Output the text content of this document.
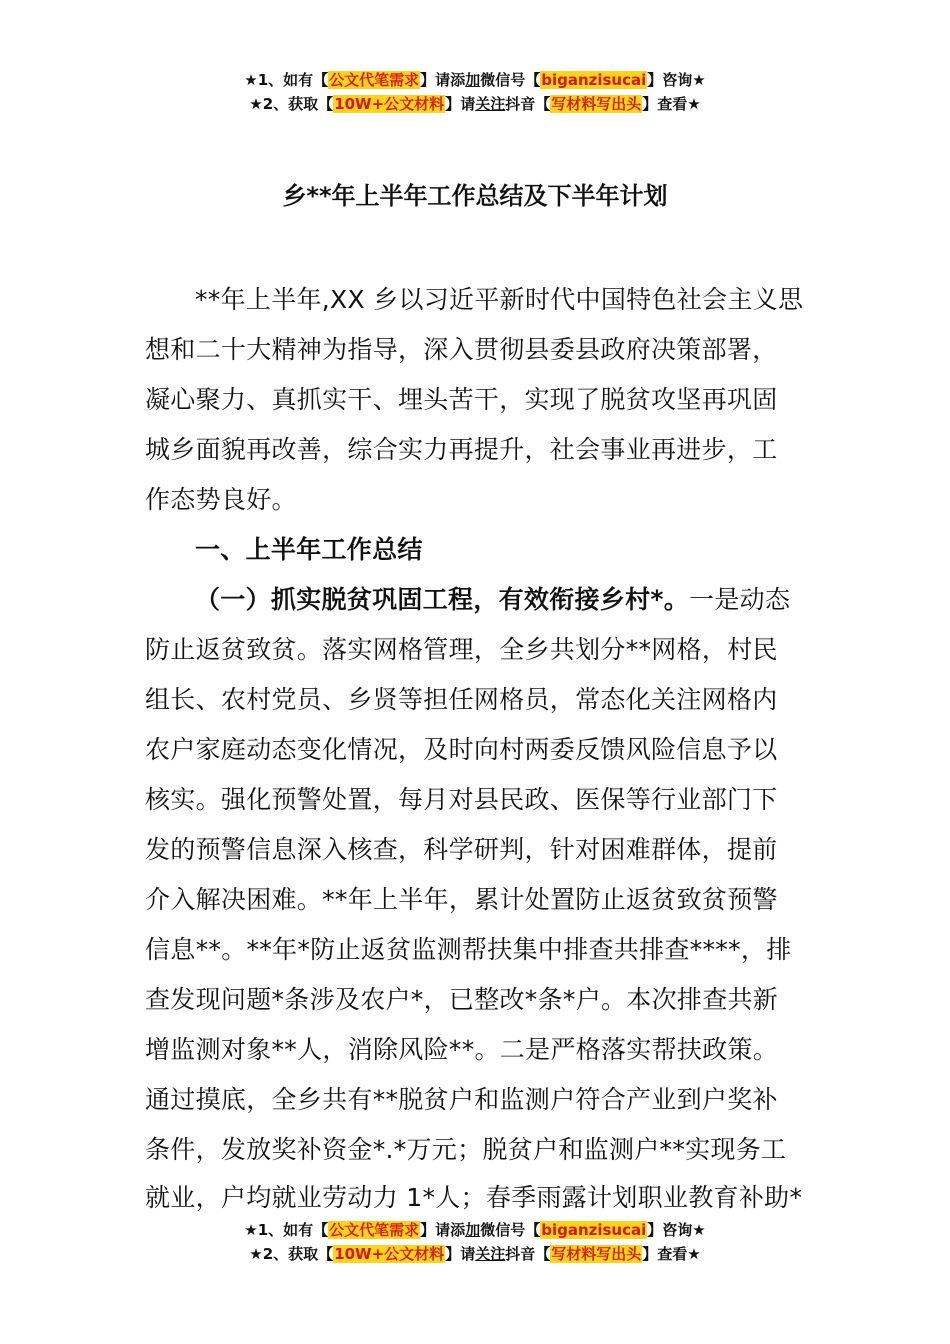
★1、如有【公文代笔需求】请添加微信号【biganzisucai】咨询★
★2、获取【10W+公文材料】请关注抖音【写材料写出头】查看★
乡**年上半年工作总结及下半年计划
**年上半年,XX 乡以习近平新时代中国特色社会主义思
想和二十大精神为指导，深入贯彻县委县政府决策部署，
凝心聚力、真抓实干、埋头苦干，实现了脱贫攻坚再巩固
城乡面貌再改善，综合实力再提升，社会事业再进步，工
作态势良好。
一、上半年工作总结
（一）抓实脱贫巩固工程，有效衔接乡村*。一是动态
防止返贫致贫。落实网格管理，全乡共划分**网格，村民
组长、农村党员、乡贤等担任网格员，常态化关注网格内
农户家庭动态变化情况，及时向村两委反馈风险信息予以
核实。强化预警处置，每月对县民政、医保等行业部门下
发的预警信息深入核查，科学研判，针对困难群体，提前
介入解决困难。**年上半年，累计处置防止返贫致贫预警
信息**。**年*防止返贫监测帮扶集中排查共排查****，排
查发现问题*条涉及农户*，已整改*条*户。本次排查共新
增监测对象**人，消除风险**。二是严格落实帮扶政策。
通过摸底，全乡共有**脱贫户和监测户符合产业到户奖补
条件，发放奖补资金*.*万元；脱贫户和监测户**实现务工
就业，户均就业劳动力 1*人；春季雨露计划职业教育补助*
★1、如有【公文代笔需求】请添加微信号【biganzisucai】咨询★
★2、获取【10W+公文材料】请关注抖音【写材料写出头】查看★
